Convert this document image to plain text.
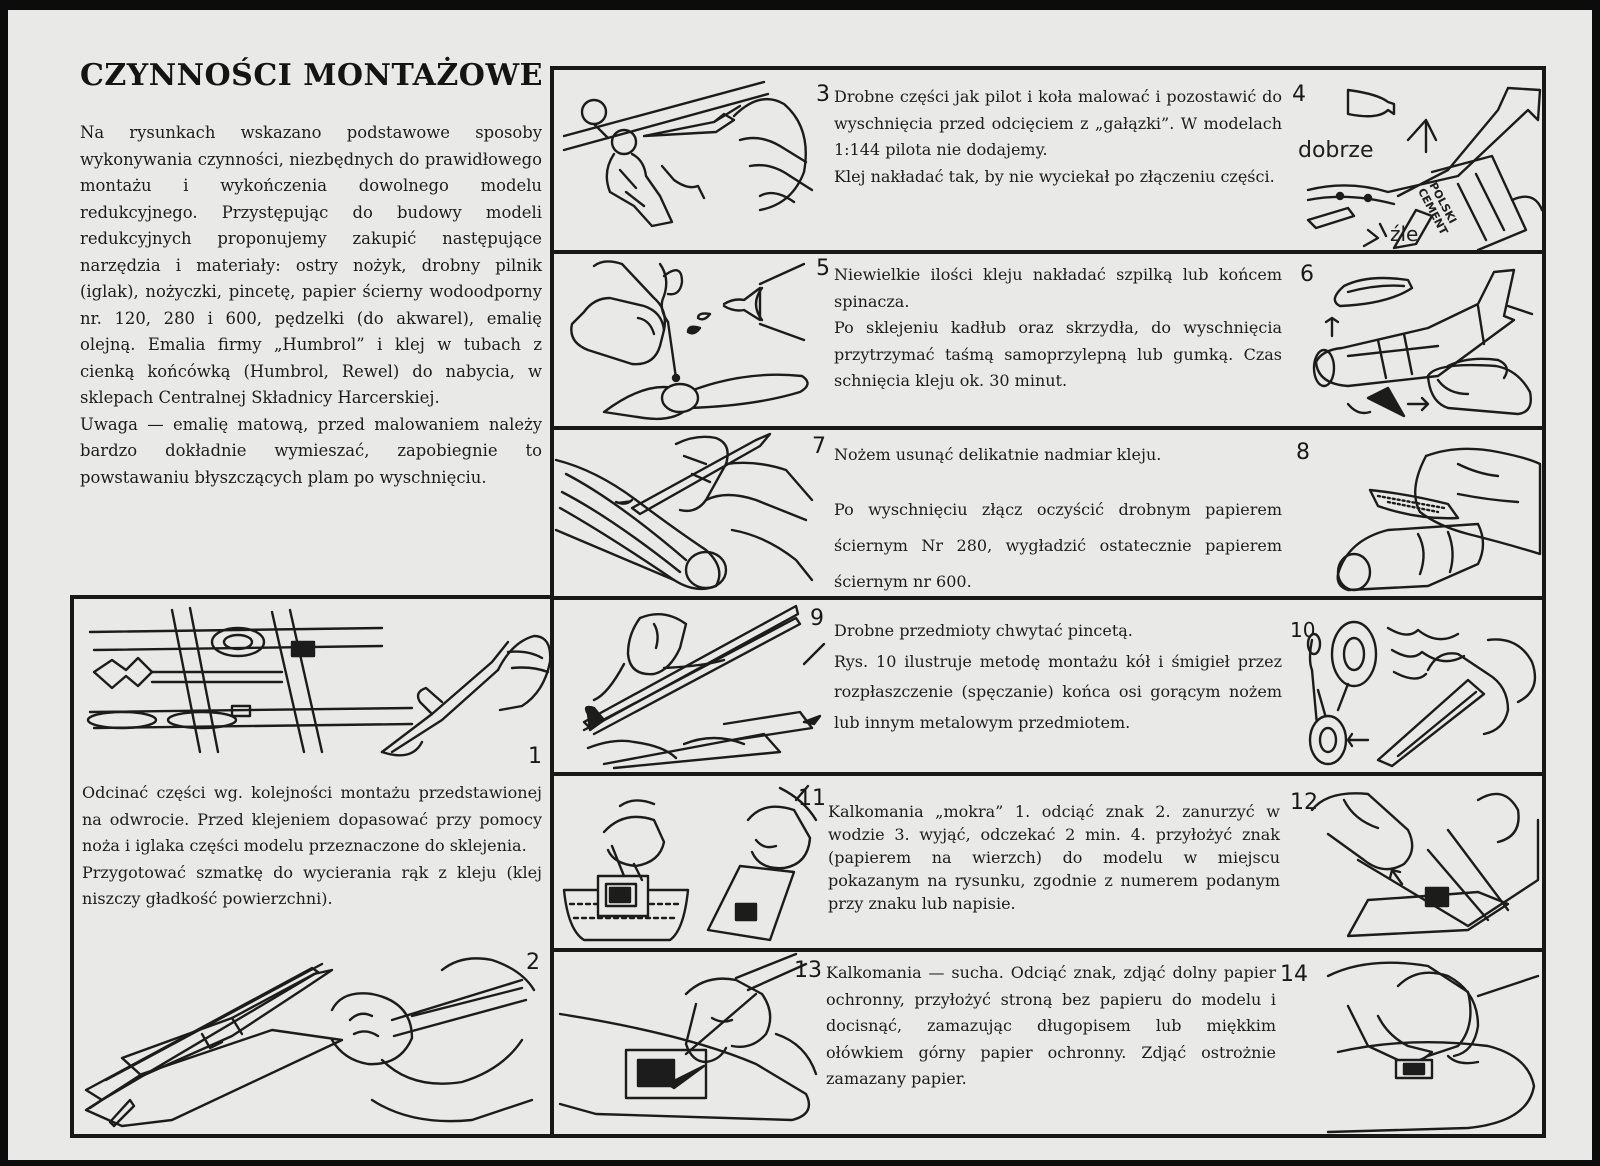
CZYNNOŚCI MONTAŻOWE

Na rysunkach wskazano podstawowe sposoby wykonywania czynności, niezbędnych do prawidłowego montażu i wykończenia dowolnego modelu redukcyjnego. Przystępując do budowy modeli redukcyjnych proponujemy zakupić następujące narzędzia i materiały: ostry nożyk, drobny pilnik (iglak), nożyczki, pincetę, papier ścierny wodoodporny nr. 120, 280 i 600, pędzelki (do akwarel), emalię olejną. Emalia firmy „Humbrol” i klej w tubach z cienką końcówką (Humbrol, Rewel) do nabycia, w sklepach Centralnej Składnicy Harcerskiej.

Uwaga — emalię matową, przed malowaniem należy bardzo dokładnie wymieszać, zapobiegnie to powstawaniu błyszczących plam po wyschnięciu.

1

Odcinać części wg. kolejności montażu przedstawionej na odwrocie. Przed klejeniem dopasować przy pomocy noża i iglaka części modelu przeznaczone do sklejenia.

Przygotować szmatkę do wycierania rąk z kleju (klej niszczy gładkość powierzchni).

2
3 Drobne części jak pilot i koła malować i pozostawić do wyschnięcia przed odcięciem z „gałązki”. W modelach 1:144 pilota nie dodajemy.

Klej nakładać tak, by nie wyciekał po złączeniu części.

4
dobrze
źle
POLSKI CEMENT
5 Niewielkie ilości kleju nakładać szpilką lub końcem spinacza.

Po sklejeniu kadłub oraz skrzydła, do wyschnięcia przytrzymać taśmą samoprzylepną lub gumką. Czas schnięcia kleju ok. 30 minut.

6
7 Nożem usunąć delikatnie nadmiar kleju.	8
Po wyschnięciu złącz oczyścić drobnym papierem ściernym Nr 280, wygładzić ostatecznie papierem ściernym nr 600.
9 Drobne przedmioty chwytać pincetą.

Rys. 10 ilustruje metodę montażu kół i śmigieł przez rozpłaszczenie (spęczanie) końca osi gorącym nożem lub innym metalowym przedmiotem.

10
11
Kalkomania „mokra” 1. odciąć znak 2. zanurzyć w wodzie 3. wyjąć, odczekać 2 min. 4. przyłożyć znak (papierem na wierzch) do modelu w miejscu pokazanym na rysunku, zgodnie z numerem podanym przy znaku lub napisie.
12
13 Kalkomania — sucha. Odciąć znak, zdjąć dolny papier ochronny, przyłożyć stroną bez papieru do modelu i docisnąć, zamazując długopisem lub miękkim ołówkiem górny papier ochronny. Zdjąć ostrożnie zamazany papier.
14
